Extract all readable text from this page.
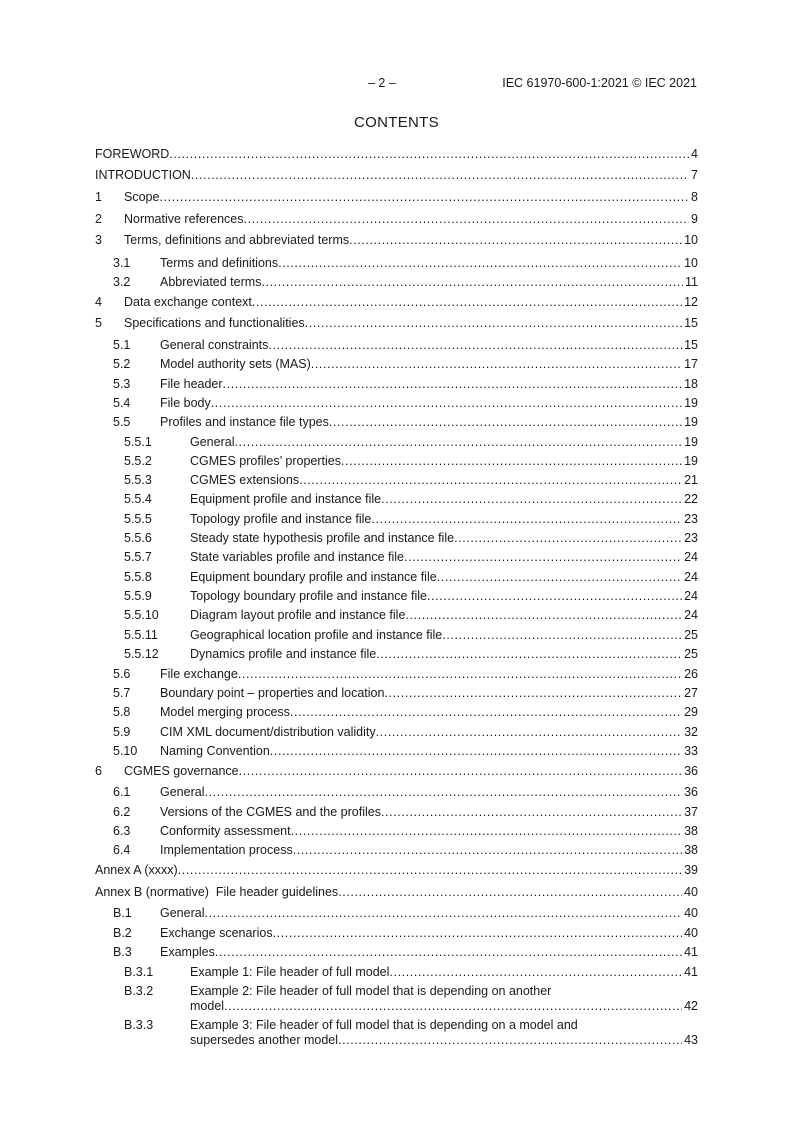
– 2 –	IEC 61970-600-1:2021 © IEC 2021
CONTENTS
FOREWORD .....	4
INTRODUCTION .....	7
1 Scope .....	8
2 Normative references .....	9
3 Terms, definitions and abbreviated terms .....	10
3.1 Terms and definitions .....	10
3.2 Abbreviated terms .....	11
4 Data exchange context .....	12
5 Specifications and functionalities .....	15
5.1 General constraints .....	15
5.2 Model authority sets (MAS) .....	17
5.3 File header .....	18
5.4 File body .....	19
5.5 Profiles and instance file types .....	19
5.5.1	General .....	19
5.5.2	CGMES profiles’ properties .....	19
5.5.3	CGMES extensions .....	21
5.5.4	Equipment profile and instance file .....	22
5.5.5	Topology profile and instance file .....	23
5.5.6	Steady state hypothesis profile and instance file .....	23
5.5.7	State variables profile and instance file .....	24
5.5.8	Equipment boundary profile and instance file .....	24
5.5.9	Topology boundary profile and instance file .....	24
5.5.10 Diagram layout profile and instance file .....	24
5.5.11	Geographical location profile and instance file .....	25
5.5.12 Dynamics profile and instance file .....	25
5.6 File exchange .....	26
5.7 Boundary point – properties and location .....	27
5.8 Model merging process .....	29
5.9 CIM XML document/distribution validity .....	32
5.10 Naming Convention .....	33
6 CGMES governance .....	36
6.1 General .....	36
6.2 Versions of the CGMES and the profiles .....	37
6.3 Conformity assessment .....	38
6.4 Implementation process .....	38
Annex A (xxxx) .....	39
Annex B (normative)  File header guidelines .....	40
B.1 General .....	40
B.2 Exchange scenarios .....	40
B.3 Examples .....	41
B.3.1	Example 1: File header of full model .....	41
B.3.2	Example 2: File header of full model that is depending on another
model .....	42
B.3.3	Example 3: File header of full model that is depending on a model and
supersedes another model .....	43
